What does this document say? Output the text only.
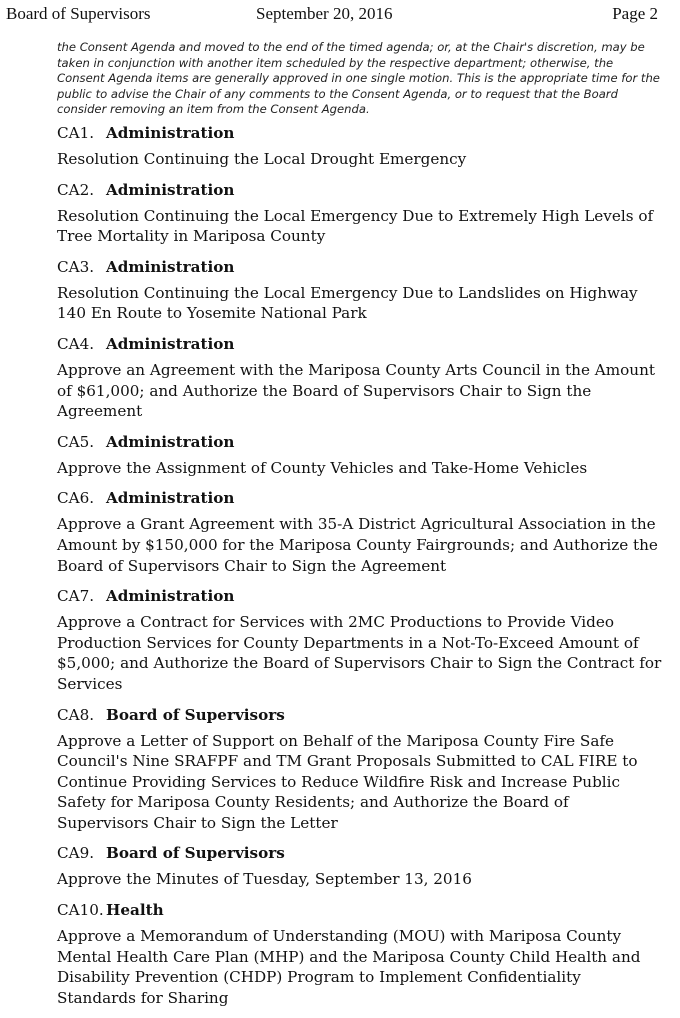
Board of Supervisors	September 20, 2016	Page 2
the Consent Agenda and moved to the end of the timed agenda; or, at the Chair's discretion, may be taken in conjunction with another item scheduled by the respective department; otherwise, the Consent Agenda items are generally approved in one single motion. This is the appropriate time for the public to advise the Chair of any comments to the Consent Agenda, or to request that the Board consider removing an item from the Consent Agenda.
CA1. Administration
Resolution Continuing the Local Drought Emergency
CA2. Administration
Resolution Continuing the Local Emergency Due to Extremely High Levels of Tree Mortality in Mariposa County
CA3. Administration
Resolution Continuing the Local Emergency Due to Landslides on Highway 140 En Route to Yosemite National Park
CA4. Administration
Approve an Agreement with the Mariposa County Arts Council in the Amount of $61,000; and Authorize the Board of Supervisors Chair to Sign the Agreement
CA5. Administration
Approve the Assignment of County Vehicles and Take-Home Vehicles
CA6. Administration
Approve a Grant Agreement with 35-A District Agricultural Association in the Amount by $150,000 for the Mariposa County Fairgrounds; and Authorize the Board of Supervisors Chair to Sign the Agreement
CA7. Administration
Approve a Contract for Services with 2MC Productions to Provide Video Production Services for County Departments in a Not-To-Exceed Amount of $5,000; and Authorize the Board of Supervisors Chair to Sign the Contract for Services
CA8. Board of Supervisors
Approve a Letter of Support on Behalf of the Mariposa County Fire Safe Council's Nine SRAFPF and TM Grant Proposals Submitted to CAL FIRE to Continue Providing Services to Reduce Wildfire Risk and Increase Public Safety for Mariposa County Residents; and Authorize the Board of Supervisors Chair to Sign the Letter
CA9. Board of Supervisors
Approve the Minutes of Tuesday, September 13, 2016
CA10. Health
Approve a Memorandum of Understanding (MOU) with Mariposa County Mental Health Care Plan (MHP) and the Mariposa County Child Health and Disability Prevention (CHDP) Program to Implement Confidentiality Standards for Sharing
